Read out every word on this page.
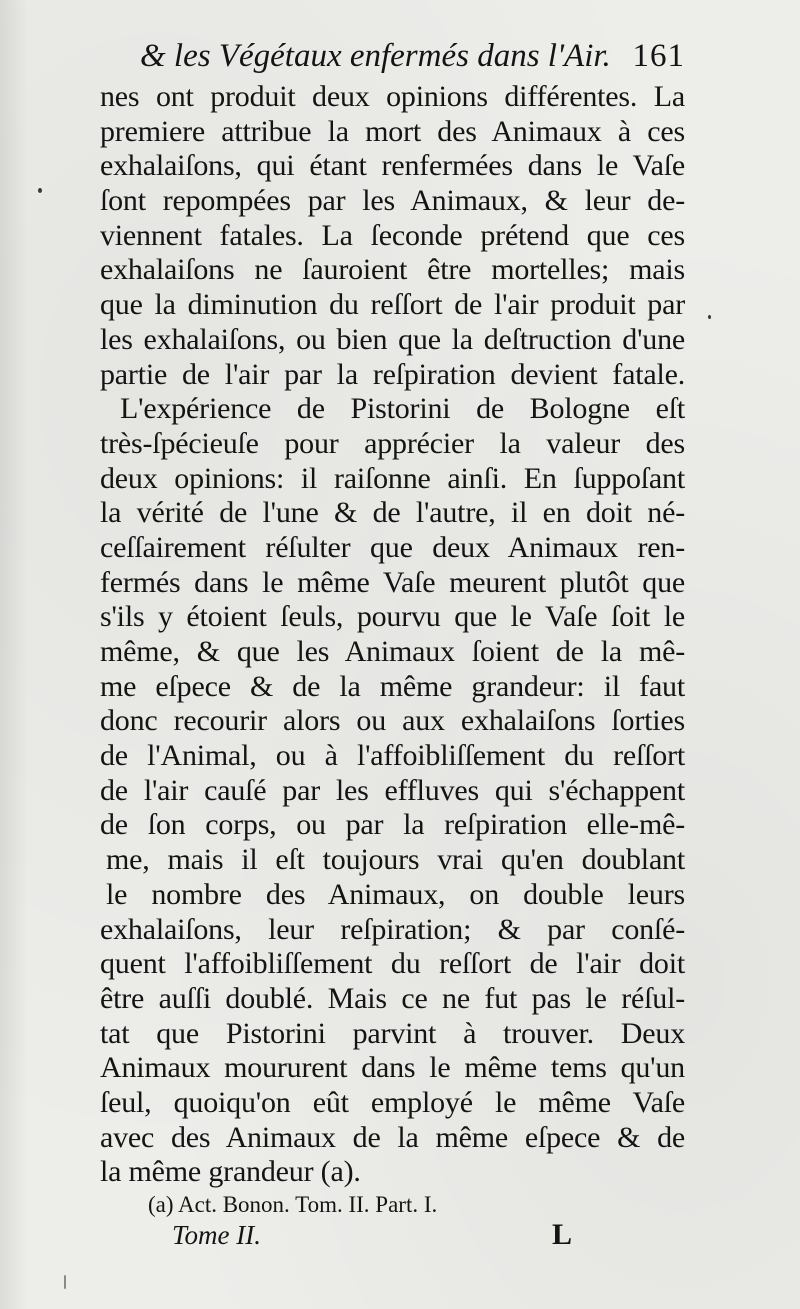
& les Végétaux enfermés dans l'Air. 161
nes ont produit deux opinions différentes. La
premiere attribue la mort des Animaux à ces
exhalaiſons, qui étant renfermées dans le Vaſe
ſont repompées par les Animaux, & leur de-
viennent fatales. La ſeconde prétend que ces
exhalaiſons ne ſauroient être mortelles; mais
que la diminution du reſſort de l'air produit par
les exhalaiſons, ou bien que la deſtruction d'une
partie de l'air par la reſpiration devient fatale.
L'expérience de Pistorini de Bologne eſt
très-ſpécieuſe pour apprécier la valeur des
deux opinions: il raiſonne ainſi. En ſuppoſant
la vérité de l'une & de l'autre, il en doit né-
ceſſairement réſulter que deux Animaux ren-
fermés dans le même Vaſe meurent plutôt que
s'ils y étoient ſeuls, pourvu que le Vaſe ſoit le
même, & que les Animaux ſoient de la mê-
me eſpece & de la même grandeur: il faut
donc recourir alors ou aux exhalaiſons ſorties
de l'Animal, ou à l'affoibliſſement du reſſort
de l'air cauſé par les effluves qui s'échappent
de ſon corps, ou par la reſpiration elle-mê-
me, mais il eſt toujours vrai qu'en doublant
le nombre des Animaux, on double leurs
exhalaiſons, leur reſpiration; & par conſé-
quent l'affoibliſſement du reſſort de l'air doit
être auſſi doublé. Mais ce ne fut pas le réſul-
tat que Pistorini parvint à trouver. Deux
Animaux moururent dans le même tems qu'un
ſeul, quoiqu'on eût employé le même Vaſe
avec des Animaux de la même eſpece & de
la même grandeur (a).
(a) Act. Bonon. Tom. II. Part. I.
Tome II.	L
